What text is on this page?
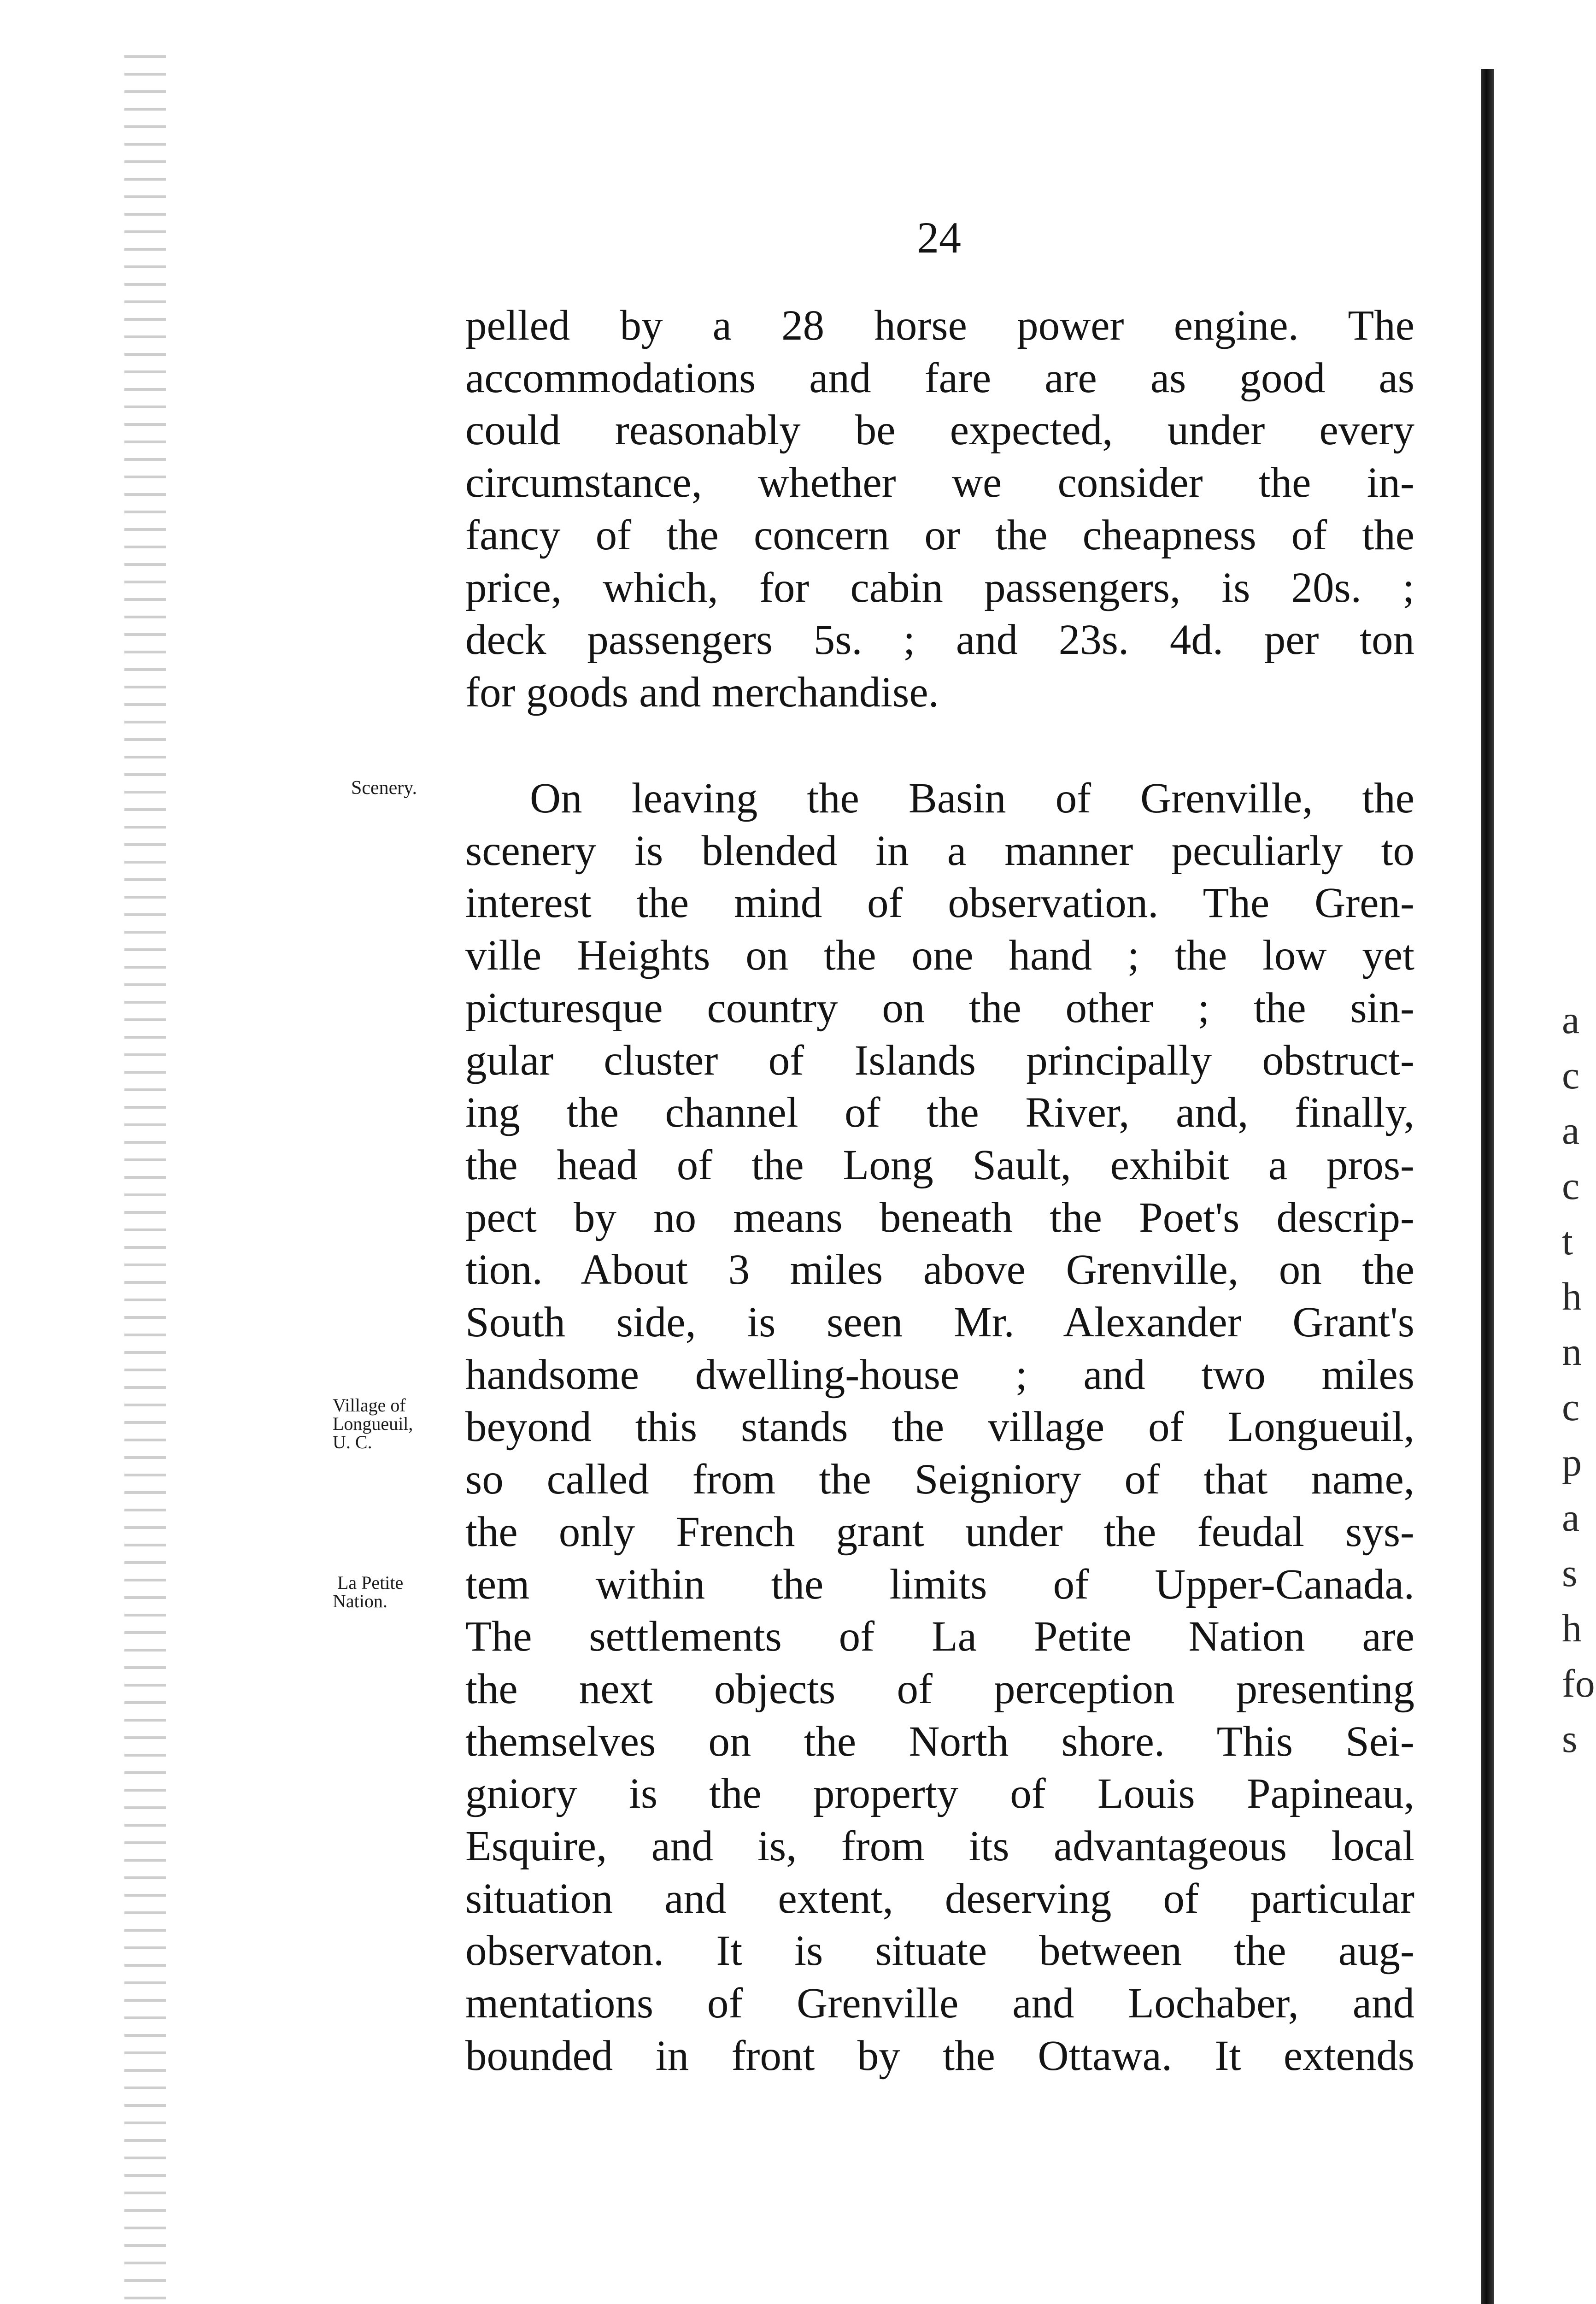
24
pelled by a 28 horse power engine. The
accommodations and fare are as good as
could reasonably be expected, under every
circumstance, whether we consider the in-
fancy of the concern or the cheapness of the
price, which, for cabin passengers, is 20s. ;
deck passengers 5s. ; and 23s. 4d. per ton
for goods and merchandise.
Scenery.	On leaving the Basin of Grenville, the
scenery is blended in a manner peculiarly to
interest the mind of observation. The Gren-
ville Heights on the one hand ; the low yet
picturesque country on the other ; the sin-
gular cluster of Islands principally obstruct-
ing the channel of the River, and, finally,
the head of the Long Sault, exhibit a pros-
pect by no means beneath the Poet's descrip-
tion. About 3 miles above Grenville, on the
South side, is seen Mr. Alexander Grant's
handsome dwelling-house ; and two miles
beyond this stands the village of Longueuil,
so called from the Seigniory of that name,
the only French grant under the feudal sys-
tem within the limits of Upper-Canada.
The settlements of La Petite Nation are
the next objects of perception presenting
themselves on the North shore. This Sei-
gniory is the property of Louis Papineau,
Esquire, and is, from its advantageous local
situation and extent, deserving of particular
observaton. It is situate between the aug-
mentations of Grenville and Lochaber, and
bounded in front by the Ottawa. It extends
Village of
Longueuil,
U. C.
La Petite
Nation.
a
c
a
c
t
h
n
c
p
a
s
h
fo
s
